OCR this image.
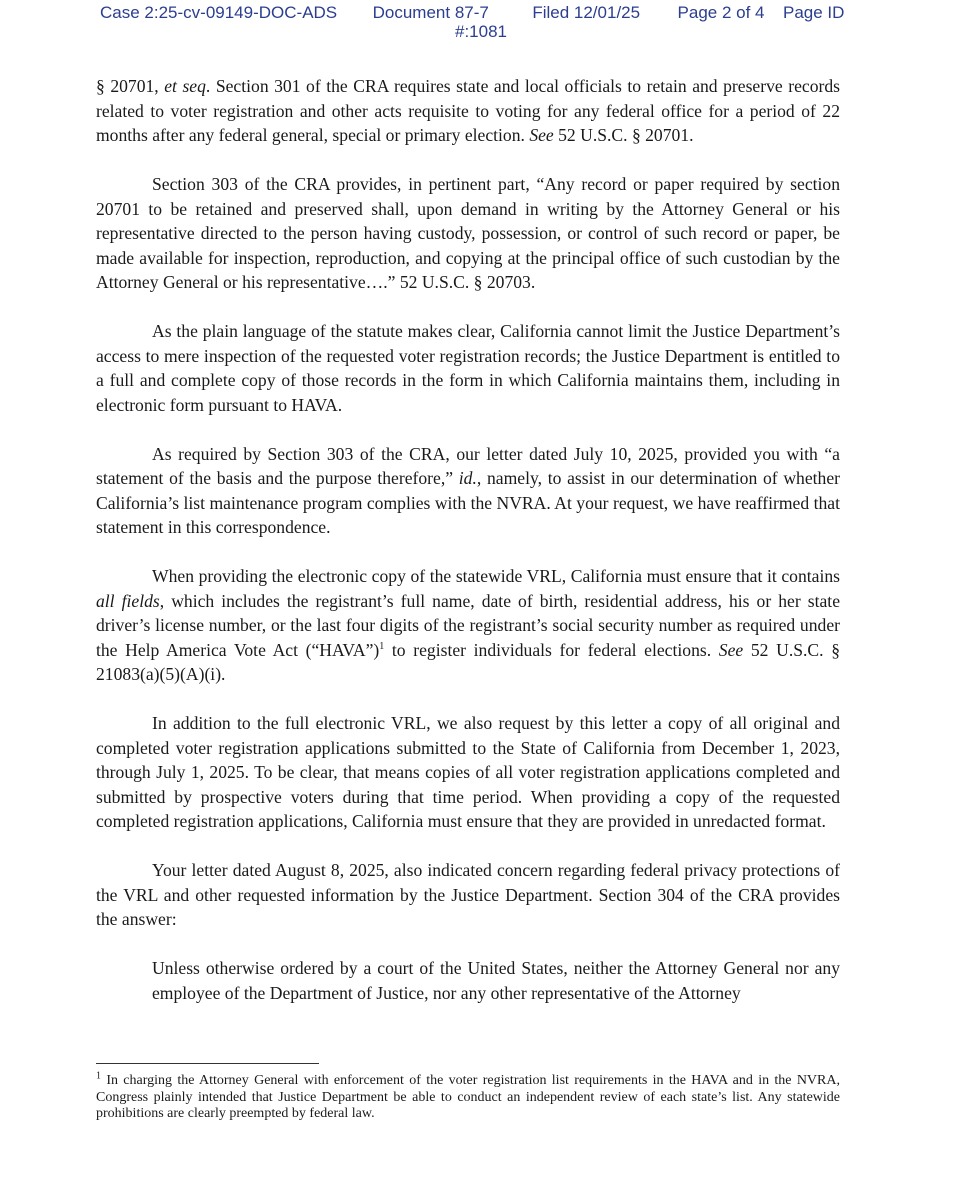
Case 2:25-cv-09149-DOC-ADS Document 87-7	Filed 12/01/25 Page 2 of 4 Page ID
#:1081

§ 20701, et seq. Section 301 of the CRA requires state and local officials to retain and preserve records related to voter registration and other acts requisite to voting for any federal office for a period of 22 months after any federal general, special or primary election. See 52 U.S.C. § 20701.

Section 303 of the CRA provides, in pertinent part, “Any record or paper required by section 20701 to be retained and preserved shall, upon demand in writing by the Attorney General or his representative directed to the person having custody, possession, or control of such record or paper, be made available for inspection, reproduction, and copying at the principal office of such custodian by the Attorney General or his representative….” 52 U.S.C. § 20703.

As the plain language of the statute makes clear, California cannot limit the Justice Department’s access to mere inspection of the requested voter registration records; the Justice Department is entitled to a full and complete copy of those records in the form in which California maintains them, including in electronic form pursuant to HAVA.

As required by Section 303 of the CRA, our letter dated July 10, 2025, provided you with “a statement of the basis and the purpose therefore,” id., namely, to assist in our determination of whether California’s list maintenance program complies with the NVRA. At your request, we have reaffirmed that statement in this correspondence.

When providing the electronic copy of the statewide VRL, California must ensure that it contains all fields, which includes the registrant’s full name, date of birth, residential address, his or her state driver’s license number, or the last four digits of the registrant’s social security number as required under the Help America Vote Act (“HAVA”)$^1$ to register individuals for federal elections. See 52 U.S.C. § 21083(a)(5)(A)(i).

In addition to the full electronic VRL, we also request by this letter a copy of all original and completed voter registration applications submitted to the State of California from December 1, 2023, through July 1, 2025. To be clear, that means copies of all voter registration applications completed and submitted by prospective voters during that time period. When providing a copy of the requested completed registration applications, California must ensure that they are provided in unredacted format.

Your letter dated August 8, 2025, also indicated concern regarding federal privacy protections of the VRL and other requested information by the Justice Department. Section 304 of the CRA provides the answer:

Unless otherwise ordered by a court of the United States, neither the Attorney General nor any employee of the Department of Justice, nor any other representative of the Attorney

$^1$ In charging the Attorney General with enforcement of the voter registration list requirements in the HAVA and in the NVRA, Congress plainly intended that Justice Department be able to conduct an independent review of each state’s list. Any statewide prohibitions are clearly preempted by federal law.
